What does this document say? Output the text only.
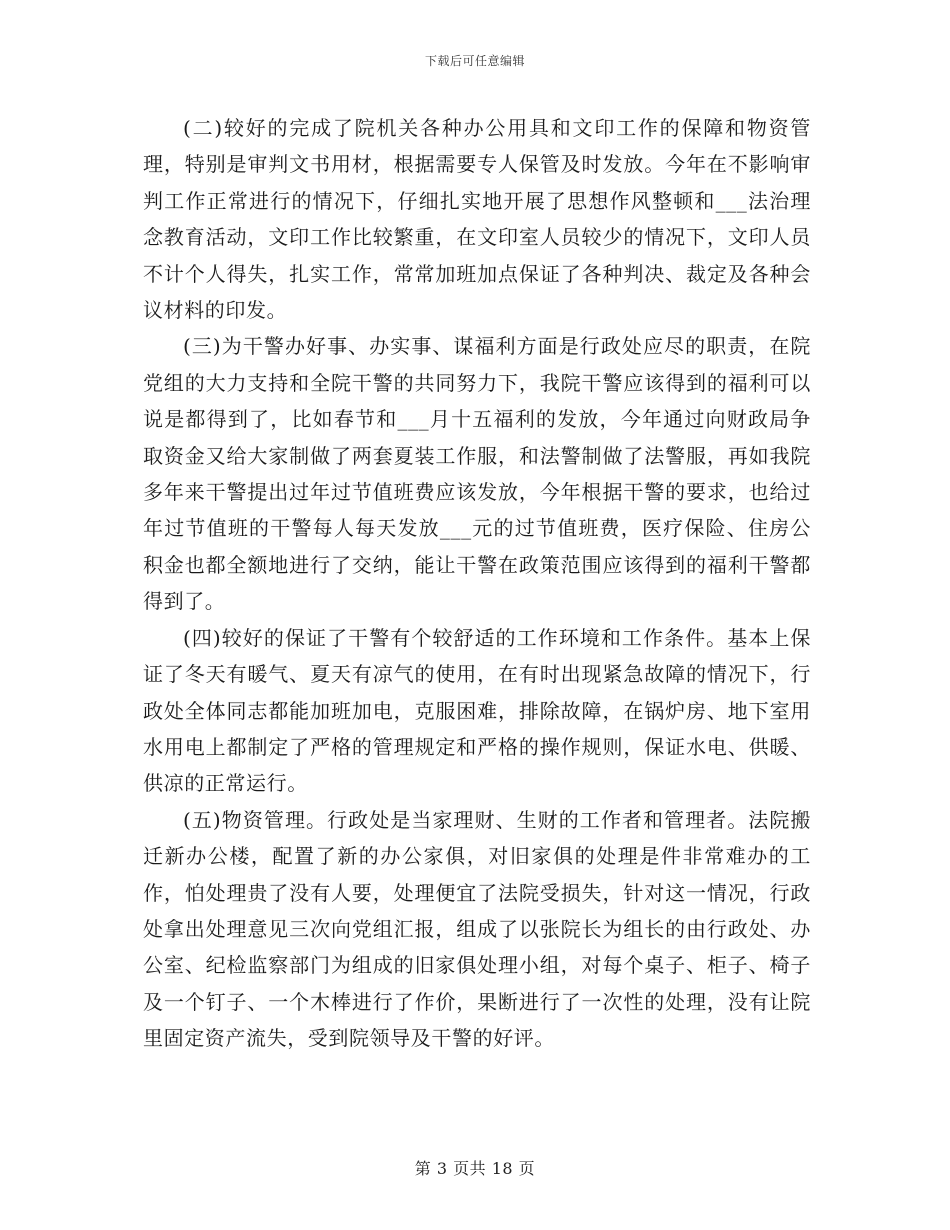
下载后可任意编辑

(二)较好的完成了院机关各种办公用具和文印工作的保障和物资管理，特别是审判文书用材，根据需要专人保管及时发放。今年在不影响审判工作正常进行的情况下，仔细扎实地开展了思想作风整顿和___法治理念教育活动，文印工作比较繁重，在文印室人员较少的情况下，文印人员不计个人得失，扎实工作，常常加班加点保证了各种判决、裁定及各种会议材料的印发。

(三)为干警办好事、办实事、谋福利方面是行政处应尽的职责，在院党组的大力支持和全院干警的共同努力下，我院干警应该得到的福利可以说是都得到了，比如春节和___月十五福利的发放，今年通过向财政局争取资金又给大家制做了两套夏装工作服，和法警制做了法警服，再如我院多年来干警提出过年过节值班费应该发放，今年根据干警的要求，也给过年过节值班的干警每人每天发放___元的过节值班费，医疗保险、住房公积金也都全额地进行了交纳，能让干警在政策范围应该得到的福利干警都得到了。

(四)较好的保证了干警有个较舒适的工作环境和工作条件。基本上保证了冬天有暖气、夏天有凉气的使用，在有时出现紧急故障的情况下，行政处全体同志都能加班加电，克服困难，排除故障，在锅炉房、地下室用水用电上都制定了严格的管理规定和严格的操作规则，保证水电、供暖、供凉的正常运行。

(五)物资管理。行政处是当家理财、生财的工作者和管理者。法院搬迁新办公楼，配置了新的办公家俱，对旧家俱的处理是件非常难办的工作，怕处理贵了没有人要，处理便宜了法院受损失，针对这一情况，行政处拿出处理意见三次向党组汇报，组成了以张院长为组长的由行政处、办公室、纪检监察部门为组成的旧家俱处理小组，对每个桌子、柜子、椅子及一个钉子、一个木棒进行了作价，果断进行了一次性的处理，没有让院里固定资产流失，受到院领导及干警的好评。

第 3 页共 18 页
